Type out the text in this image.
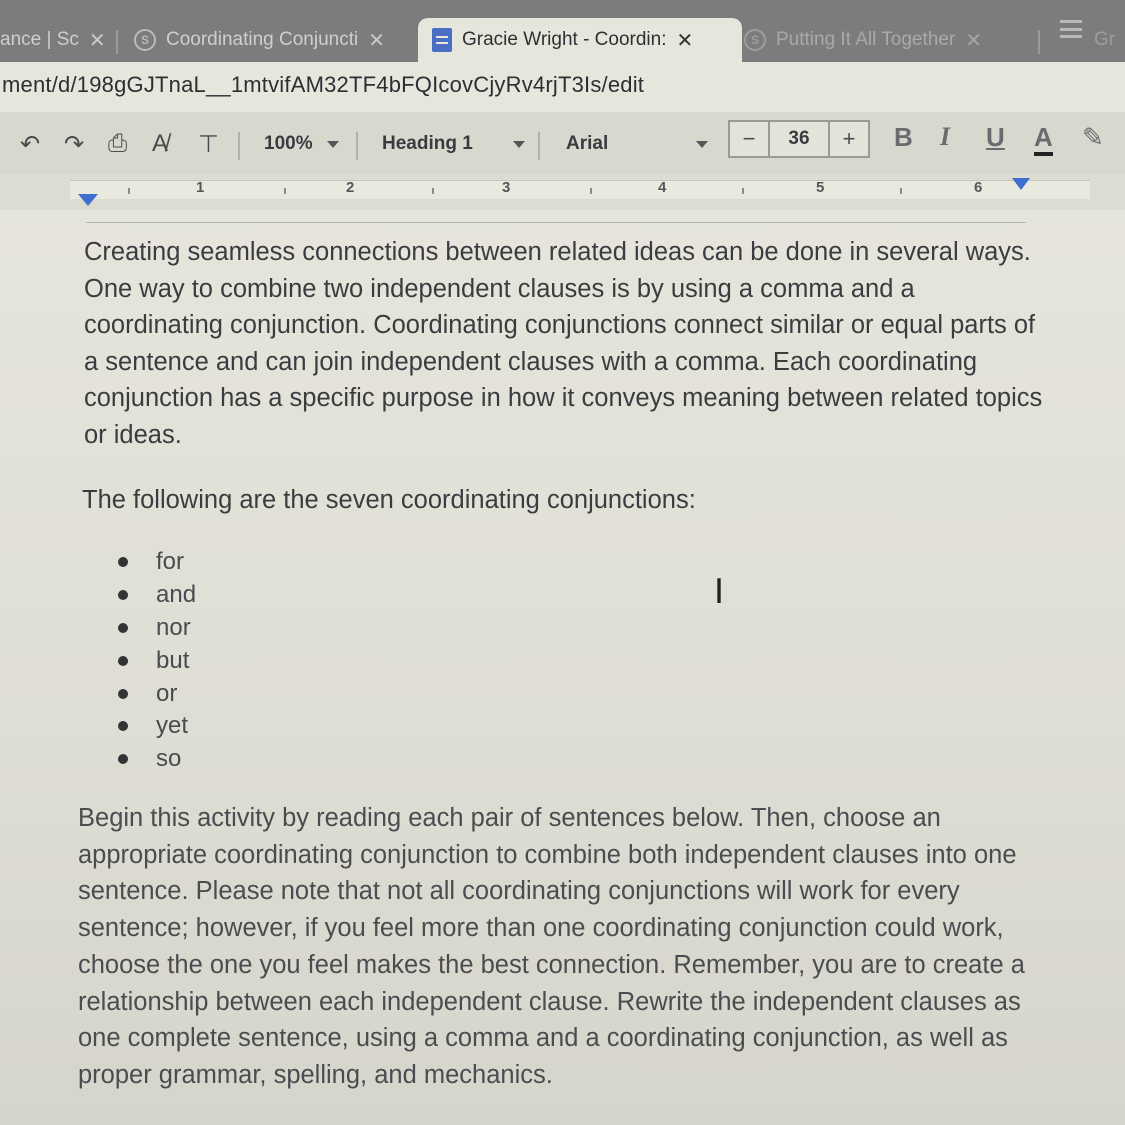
ance | Sc ✕	S Coordinating Conjuncti ✕	Gracie Wright - Coordin: ✕	S Putting It All Together ✕	Gr
ment/d/198gGJTnaL__1mtvifAM32TF4bFQIcovCjyRv4rjT3Is/edit
↶ ↷ ⎙ A̸ ⊤ 100%	Heading 1	Arial	−	36	+	B I U A ✎
1	2	3	4	5	6

Creating seamless connections between related ideas can be done in several ways. One way to combine two independent clauses is by using a comma and a coordinating conjunction. Coordinating conjunctions connect similar or equal parts of a sentence and can join independent clauses with a comma. Each coordinating conjunction has a specific purpose in how it conveys meaning between related topics or ideas.

The following are the seven coordinating conjunctions:

for
and
nor
but
or
yet
so

Begin this activity by reading each pair of sentences below. Then, choose an appropriate coordinating conjunction to combine both independent clauses into one sentence. Please note that not all coordinating conjunctions will work for every sentence; however, if you feel more than one coordinating conjunction could work, choose the one you feel makes the best connection. Remember, you are to create a relationship between each independent clause. Rewrite the independent clauses as one complete sentence, using a comma and a coordinating conjunction, as well as proper grammar, spelling, and mechanics.

I
